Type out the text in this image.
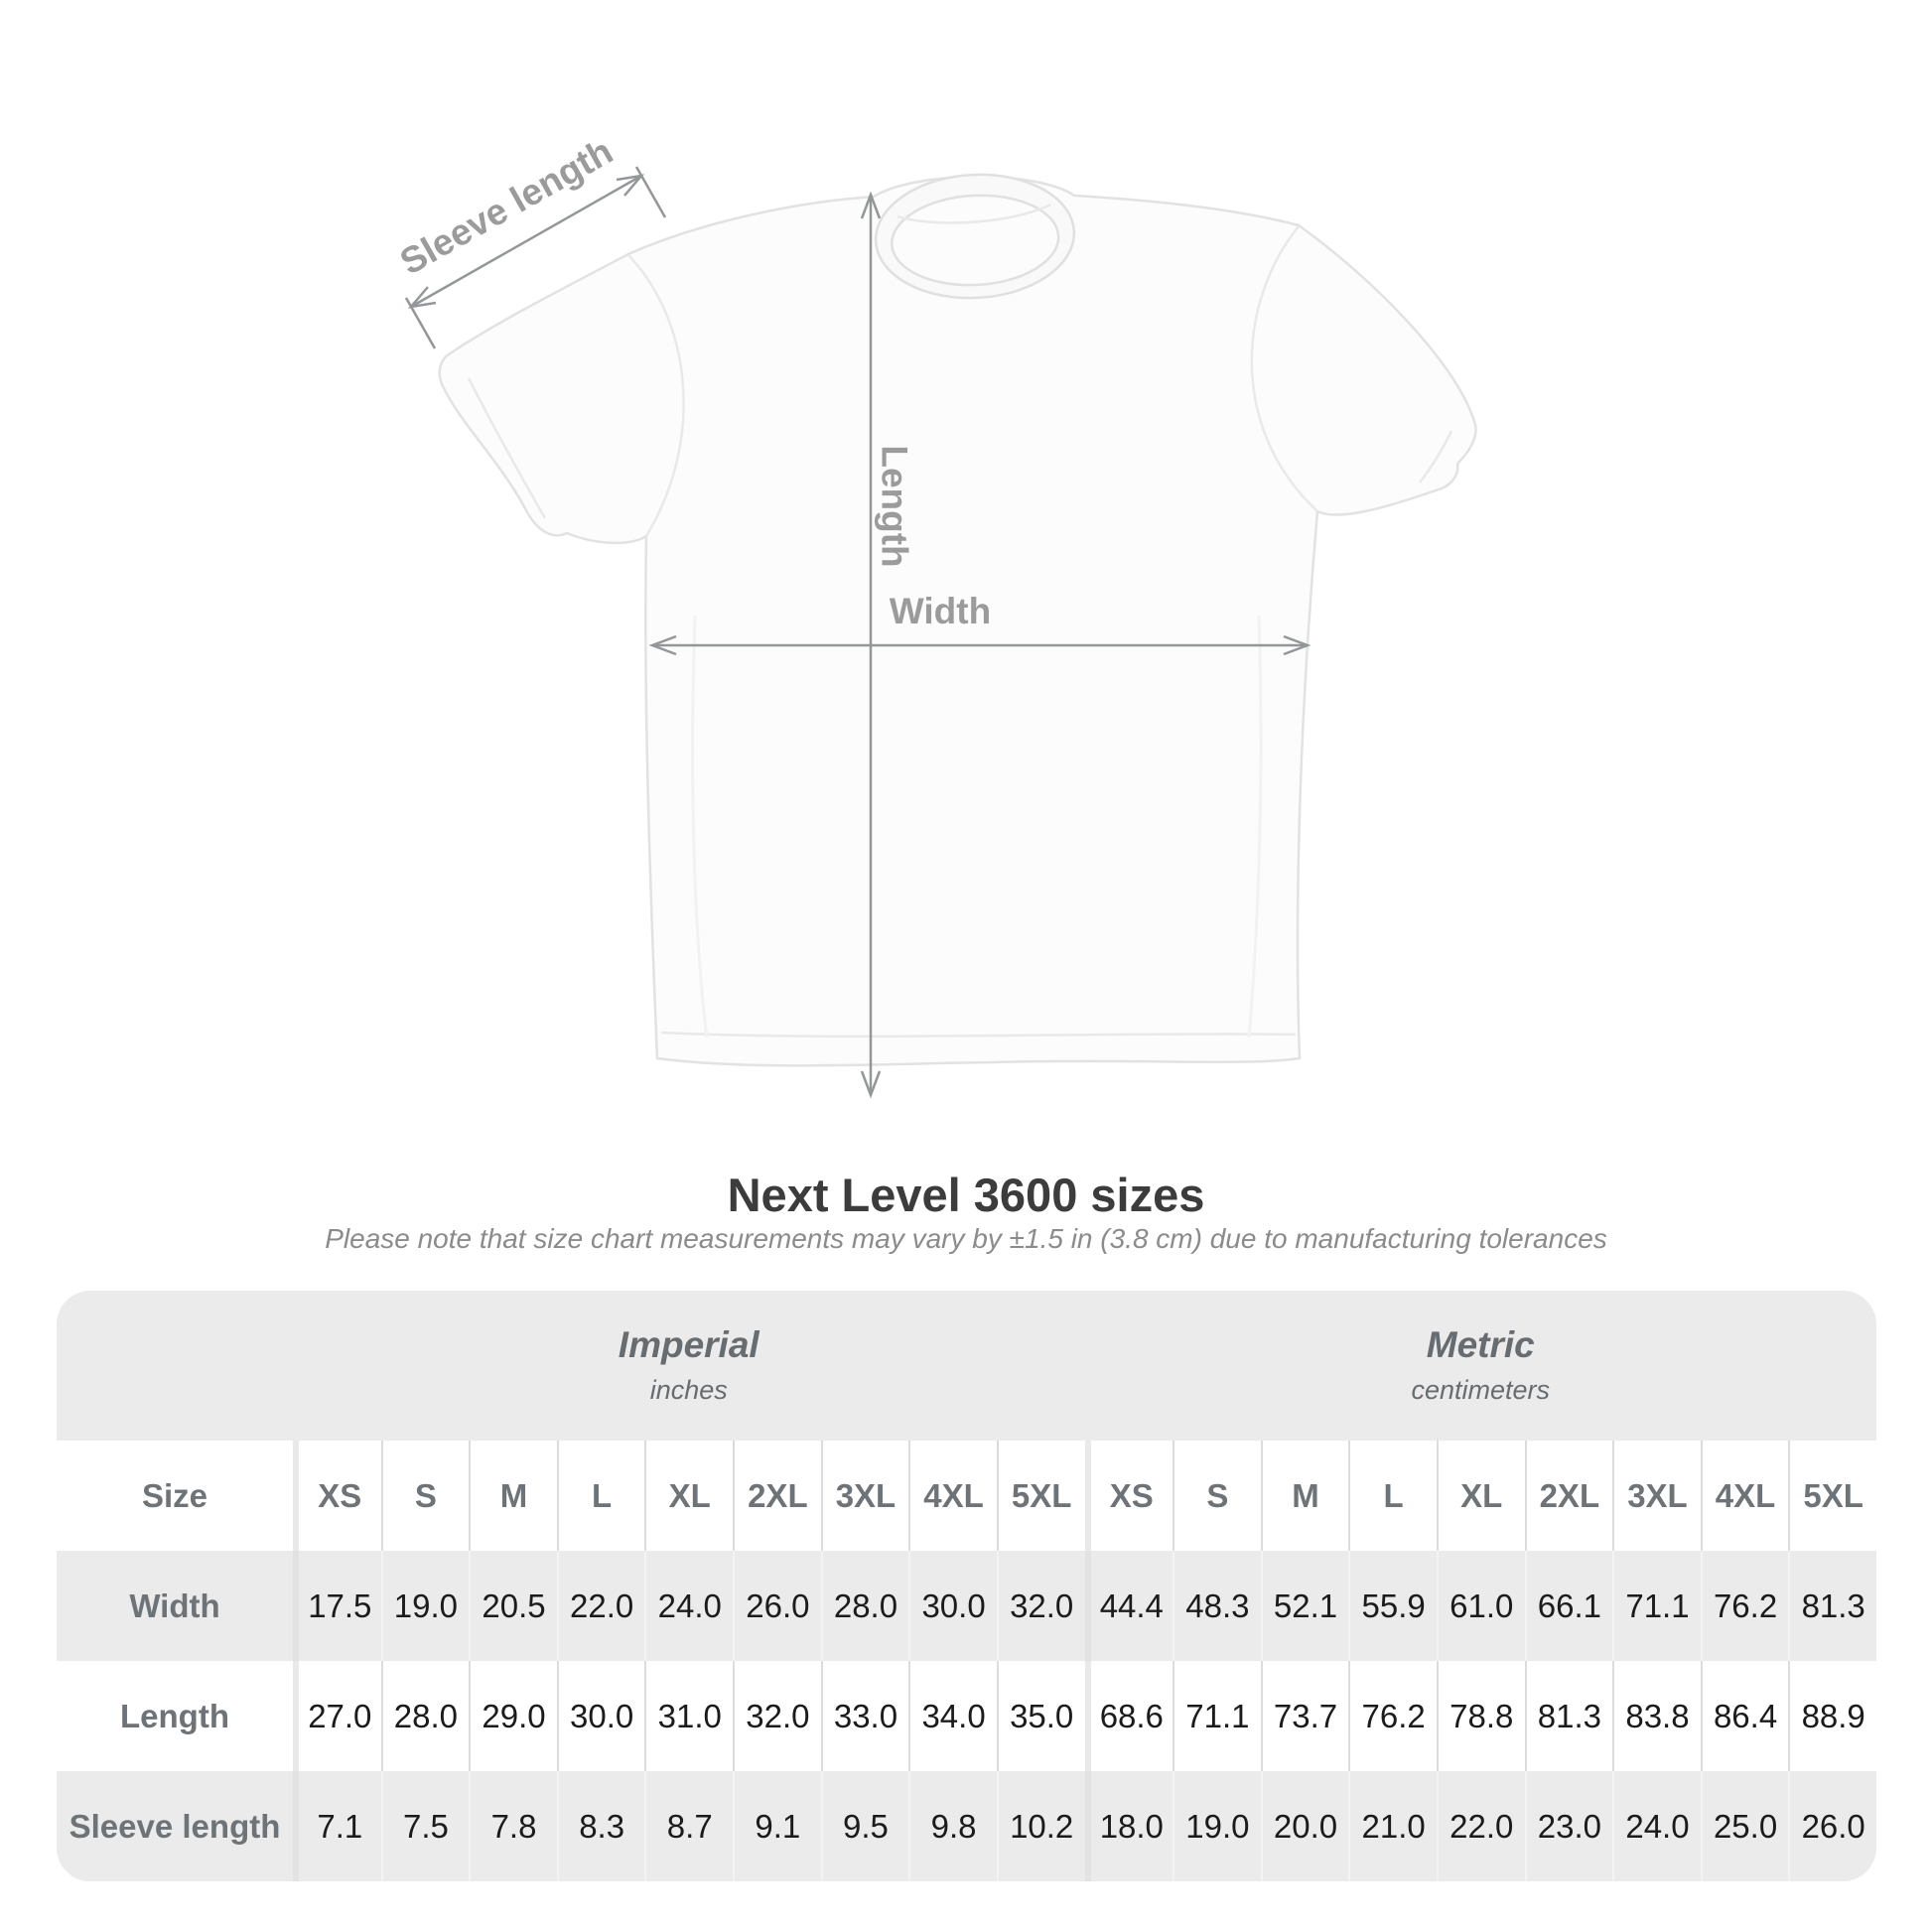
Width
Length
Sleeve length
Next Level 3600 sizes
Please note that size chart measurements may vary by ±1.5 in (3.8 cm) due to manufacturing tolerances
Imperial
inches
Metric
centimeters
Size	XS	S	M	L	XL	2XL 3XL 4XL 5XL	XS	S	M	L	XL	2XL 3XL 4XL 5XL
Width	17.5 19.0 20.5 22.0 24.0 26.0 28.0 30.0 32.0 44.4 48.3 52.1 55.9 61.0 66.1 71.1 76.2 81.3
Length	27.0 28.0 29.0 30.0 31.0 32.0 33.0 34.0 35.0 68.6 71.1 73.7 76.2 78.8 81.3 83.8 86.4 88.9
Sleeve length	7.1	7.5	7.8	8.3	8.7	9.1	9.5	9.8	10.2 18.0 19.0 20.0 21.0 22.0 23.0 24.0 25.0 26.0
